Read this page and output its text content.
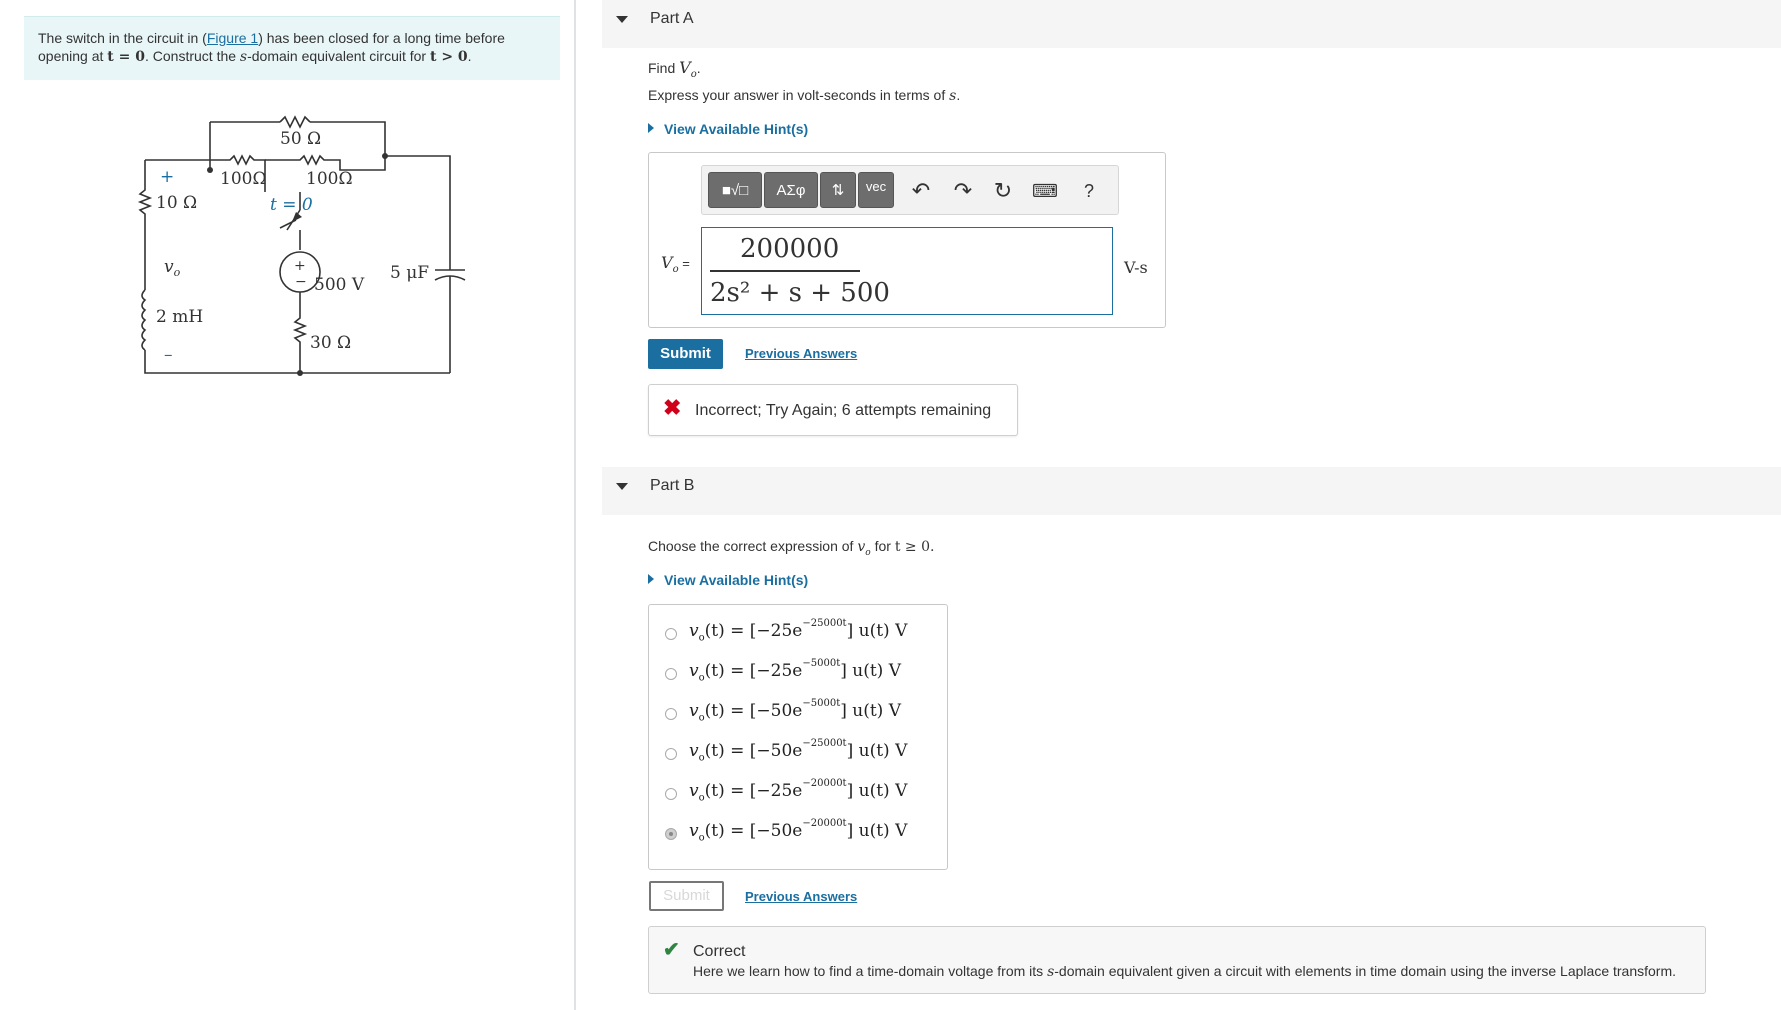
The switch in the circuit in (Figure 1) has been closed for a long time before opening at t = 0. Construct the s-domain equivalent circuit for t > 0.
50 Ω
100Ω 100Ω
t = 0
10 Ω
+
$v_o$
2 mH
–
500 V
30 Ω
5 μF
+
−
Part A
Find $V_o$.
Express your answer in volt-seconds in terms of s.
View Available Hint(s)
■√□	ΑΣφ	⇅	vec	↶ ↷ ↻	⌨	?
$V_o = 200000$
2s² + s + 500
V-s
Submit	Previous Answers
✖ Incorrect; Try Again; 6 attempts remaining
Part B
Choose the correct expression of $v_o$ for t ≥ 0.
View Available Hint(s)
$v_o(t) = [-25e^{-25000t}]$ u(t) V
$v_o(t) = [-25e^{-5000t}]$ u(t) V
$v_o(t) = [-50e^{-5000t}]$ u(t) V
$v_o(t) = [-50e^{-25000t}]$ u(t) V
$v_o(t) = [-25e^{-20000t}]$ u(t) V
$v_o(t) = [-50e^{-20000t}]$ u(t) V
Submit	Previous Answers
✔ Correct
Here we learn how to find a time-domain voltage from its s-domain equivalent given a circuit with elements in time domain using the inverse Laplace transform.
